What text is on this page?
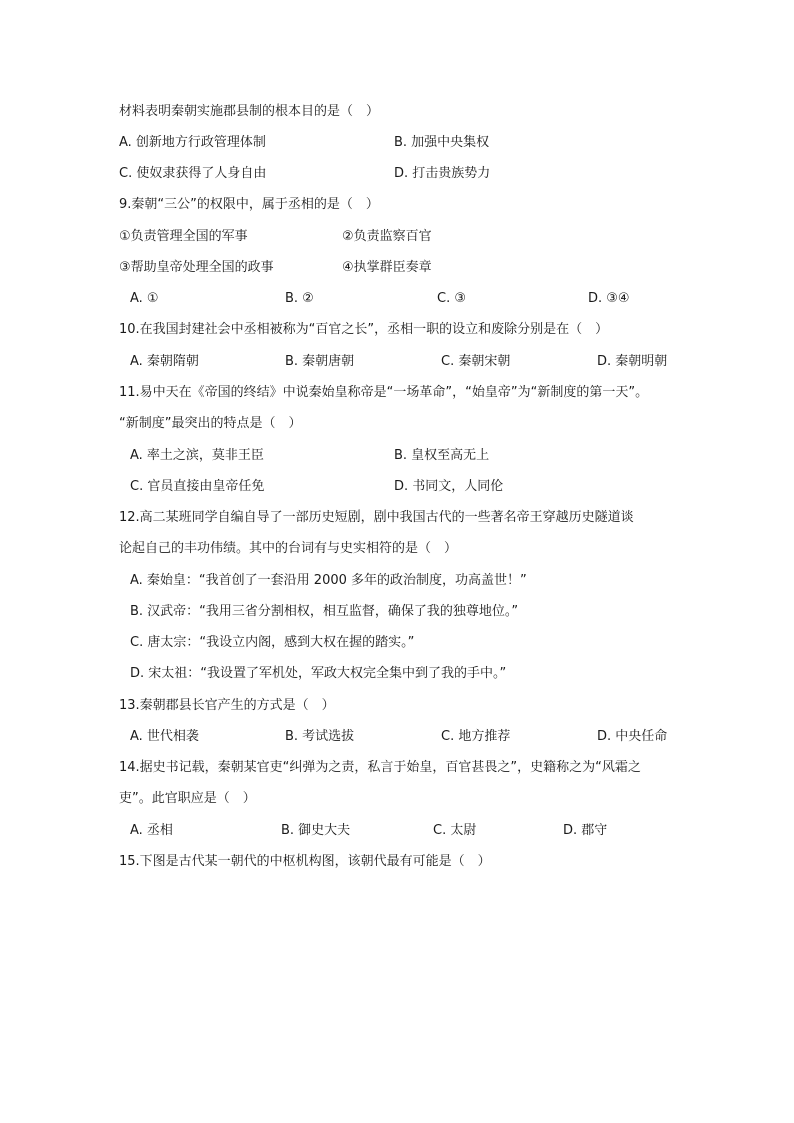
材料表明秦朝实施郡县制的根本目的是（　）
A. 创新地方行政管理体制	B. 加强中央集权
C. 使奴隶获得了人身自由	D. 打击贵族势力
9.秦朝“三公”的权限中，属于丞相的是（　）
①负责管理全国的军事	②负责监察百官
③帮助皇帝处理全国的政事	④执掌群臣奏章
A. ①	B. ②	C. ③	D. ③④
10.在我国封建社会中丞相被称为“百官之长”，丞相一职的设立和废除分别是在（　）
A. 秦朝隋朝	B. 秦朝唐朝	C. 秦朝宋朝	D. 秦朝明朝
11.易中天在《帝国的终结》中说秦始皇称帝是“一场革命”，“始皇帝”为“新制度的第一天”。
“新制度”最突出的特点是（　）
A. 率土之滨，莫非王臣	B. 皇权至高无上
C. 官员直接由皇帝任免	D. 书同文，人同伦
12.高二某班同学自编自导了一部历史短剧，剧中我国古代的一些著名帝王穿越历史隧道谈
论起自己的丰功伟绩。其中的台词有与史实相符的是（　）
A. 秦始皇：“我首创了一套沿用 2000 多年的政治制度，功高盖世！”
B. 汉武帝：“我用三省分割相权，相互监督，确保了我的独尊地位。”
C. 唐太宗：“我设立内阁，感到大权在握的踏实。”
D. 宋太祖：“我设置了军机处，军政大权完全集中到了我的手中。”
13.秦朝郡县长官产生的方式是（　）
A. 世代相袭	B. 考试选拔	C. 地方推荐	D. 中央任命
14.据史书记载，秦朝某官吏“纠弹为之责，私言于始皇，百官甚畏之”，史籍称之为“风霜之
吏”。此官职应是（　）
A. 丞相	B. 御史大夫	C. 太尉	D. 郡守
15.下图是古代某一朝代的中枢机构图，该朝代最有可能是（　）
